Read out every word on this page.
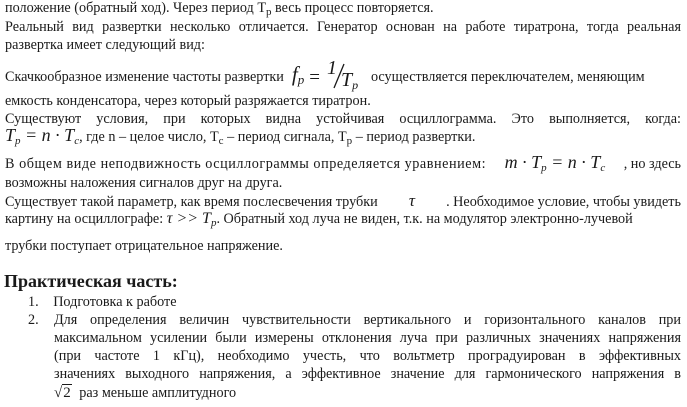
положение (обратный ход). Через период $Т_р$ весь процесс повторяется.
Реальный вид развертки несколько отличается. Генератор основан на работе тиратрона, тогда реальная
развертка имеет следующий вид:
Скачкообразное изменение частоты развертки $f_p = 1$
$T_p$
осуществляется переключателем, меняющим
емкость конденсатора, через который разряжается тиратрон.
Существуют условия, при которых видна устойчивая осциллограмма. Это выполняется, когда:
$T_p = n \cdot T_c$, где n – целое число, $Т_с$ – период сигнала, $Т_р$ – период развертки.
В общем виде неподвижность осциллограммы определяется уравнением: $m \cdot T_p = n \cdot T_c$ , но здесь
возможны наложения сигналов друг на друга.
Существует такой параметр, как время послесвечения трубки τ . Необходимое условие, чтобы увидеть
картину на осциллографе: $\tau >> T_p$. Обратный ход луча не виден, т.к. на модулятор электронно-лучевой
трубки поступает отрицательное напряжение.
Практическая часть:
1. Подготовка к работе
2.	Для определения величин чувствительности вертикального и горизонтального каналов при
максимальном усилении были измерены отклонения луча при различных значениях напряжения
(при частоте 1 кГц), необходимо учесть, что вольтметр проградуирован в эффективных
значениях выходного напряжения, а эффективное значение для гармонического напряжения в
√2 раз меньше амплитудного
